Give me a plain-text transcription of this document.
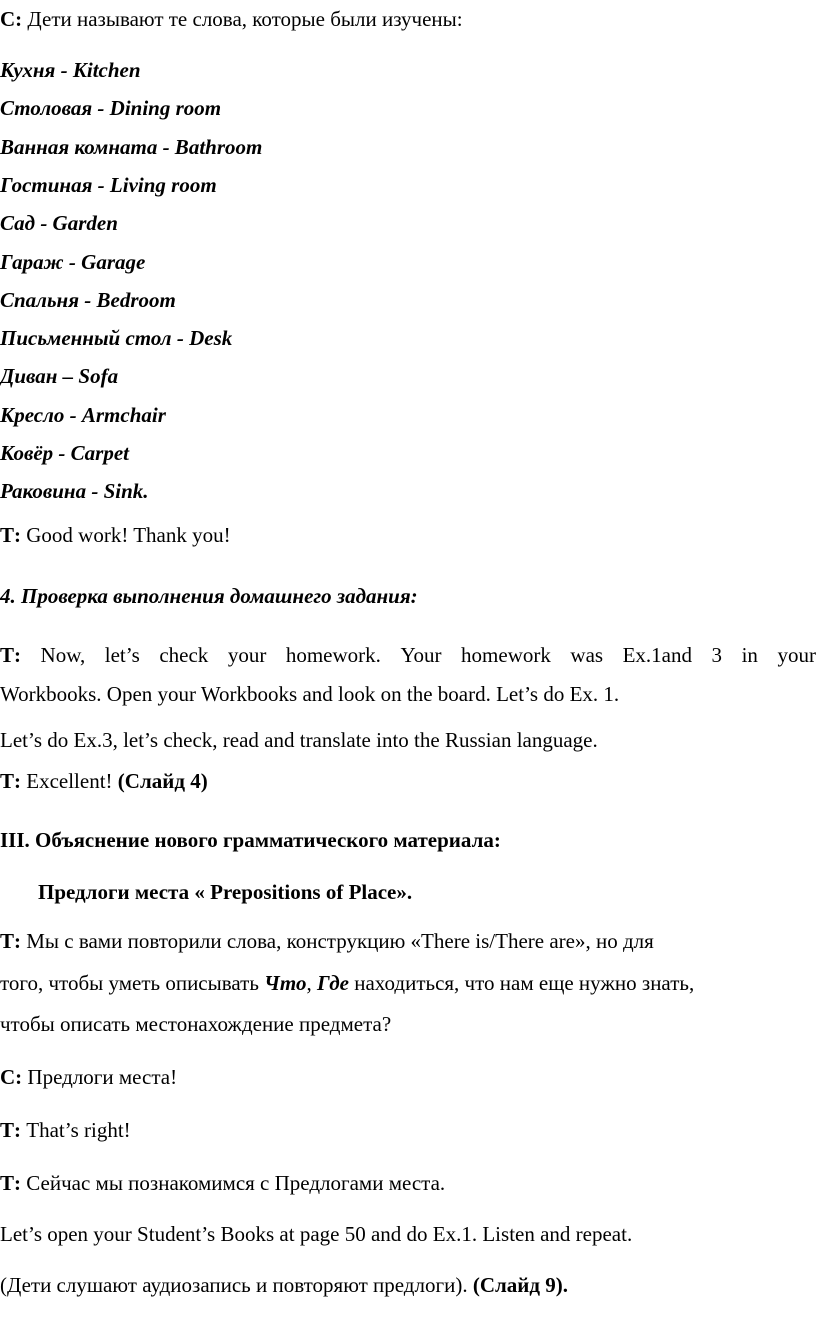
С: Дети называют те слова, которые были изучены:
Кухня - Kitchen
Столовая - Dining room
Ванная комната - Bathroom
Гостиная - Living room
Сад - Garden
Гараж - Garage
Спальня - Bedroom
Письменный стол - Desk
Диван – Sofa
Кресло - Armchair
Ковёр - Carpet
Раковина - Sink.
Т: Good work! Thank you!
4. Проверка выполнения домашнего задания:
Т: Now, let’s check your homework. Your homework was Ex.1and 3 in your
Workbooks. Open your Workbooks and look on the board. Let’s do Ex. 1.
Let’s do Ex.3, let’s check, read and translate into the Russian language.
Т: Excellent! (Слайд 4)
III. Объяснение нового грамматического материала:
Предлоги места « Prepositions of Place».
Т: Мы с вами повторили слова, конструкцию «There is/There are», но для
того, чтобы уметь описывать Что, Где находиться, что нам еще нужно знать,
чтобы описать местонахождение предмета?
С: Предлоги места!
Т: That’s right!
Т: Сейчас мы познакомимся с Предлогами места.
Let’s open your Student’s Books at page 50 and do Ex.1. Listen and repeat.
(Дети слушают аудиозапись и повторяют предлоги). (Слайд 9).
